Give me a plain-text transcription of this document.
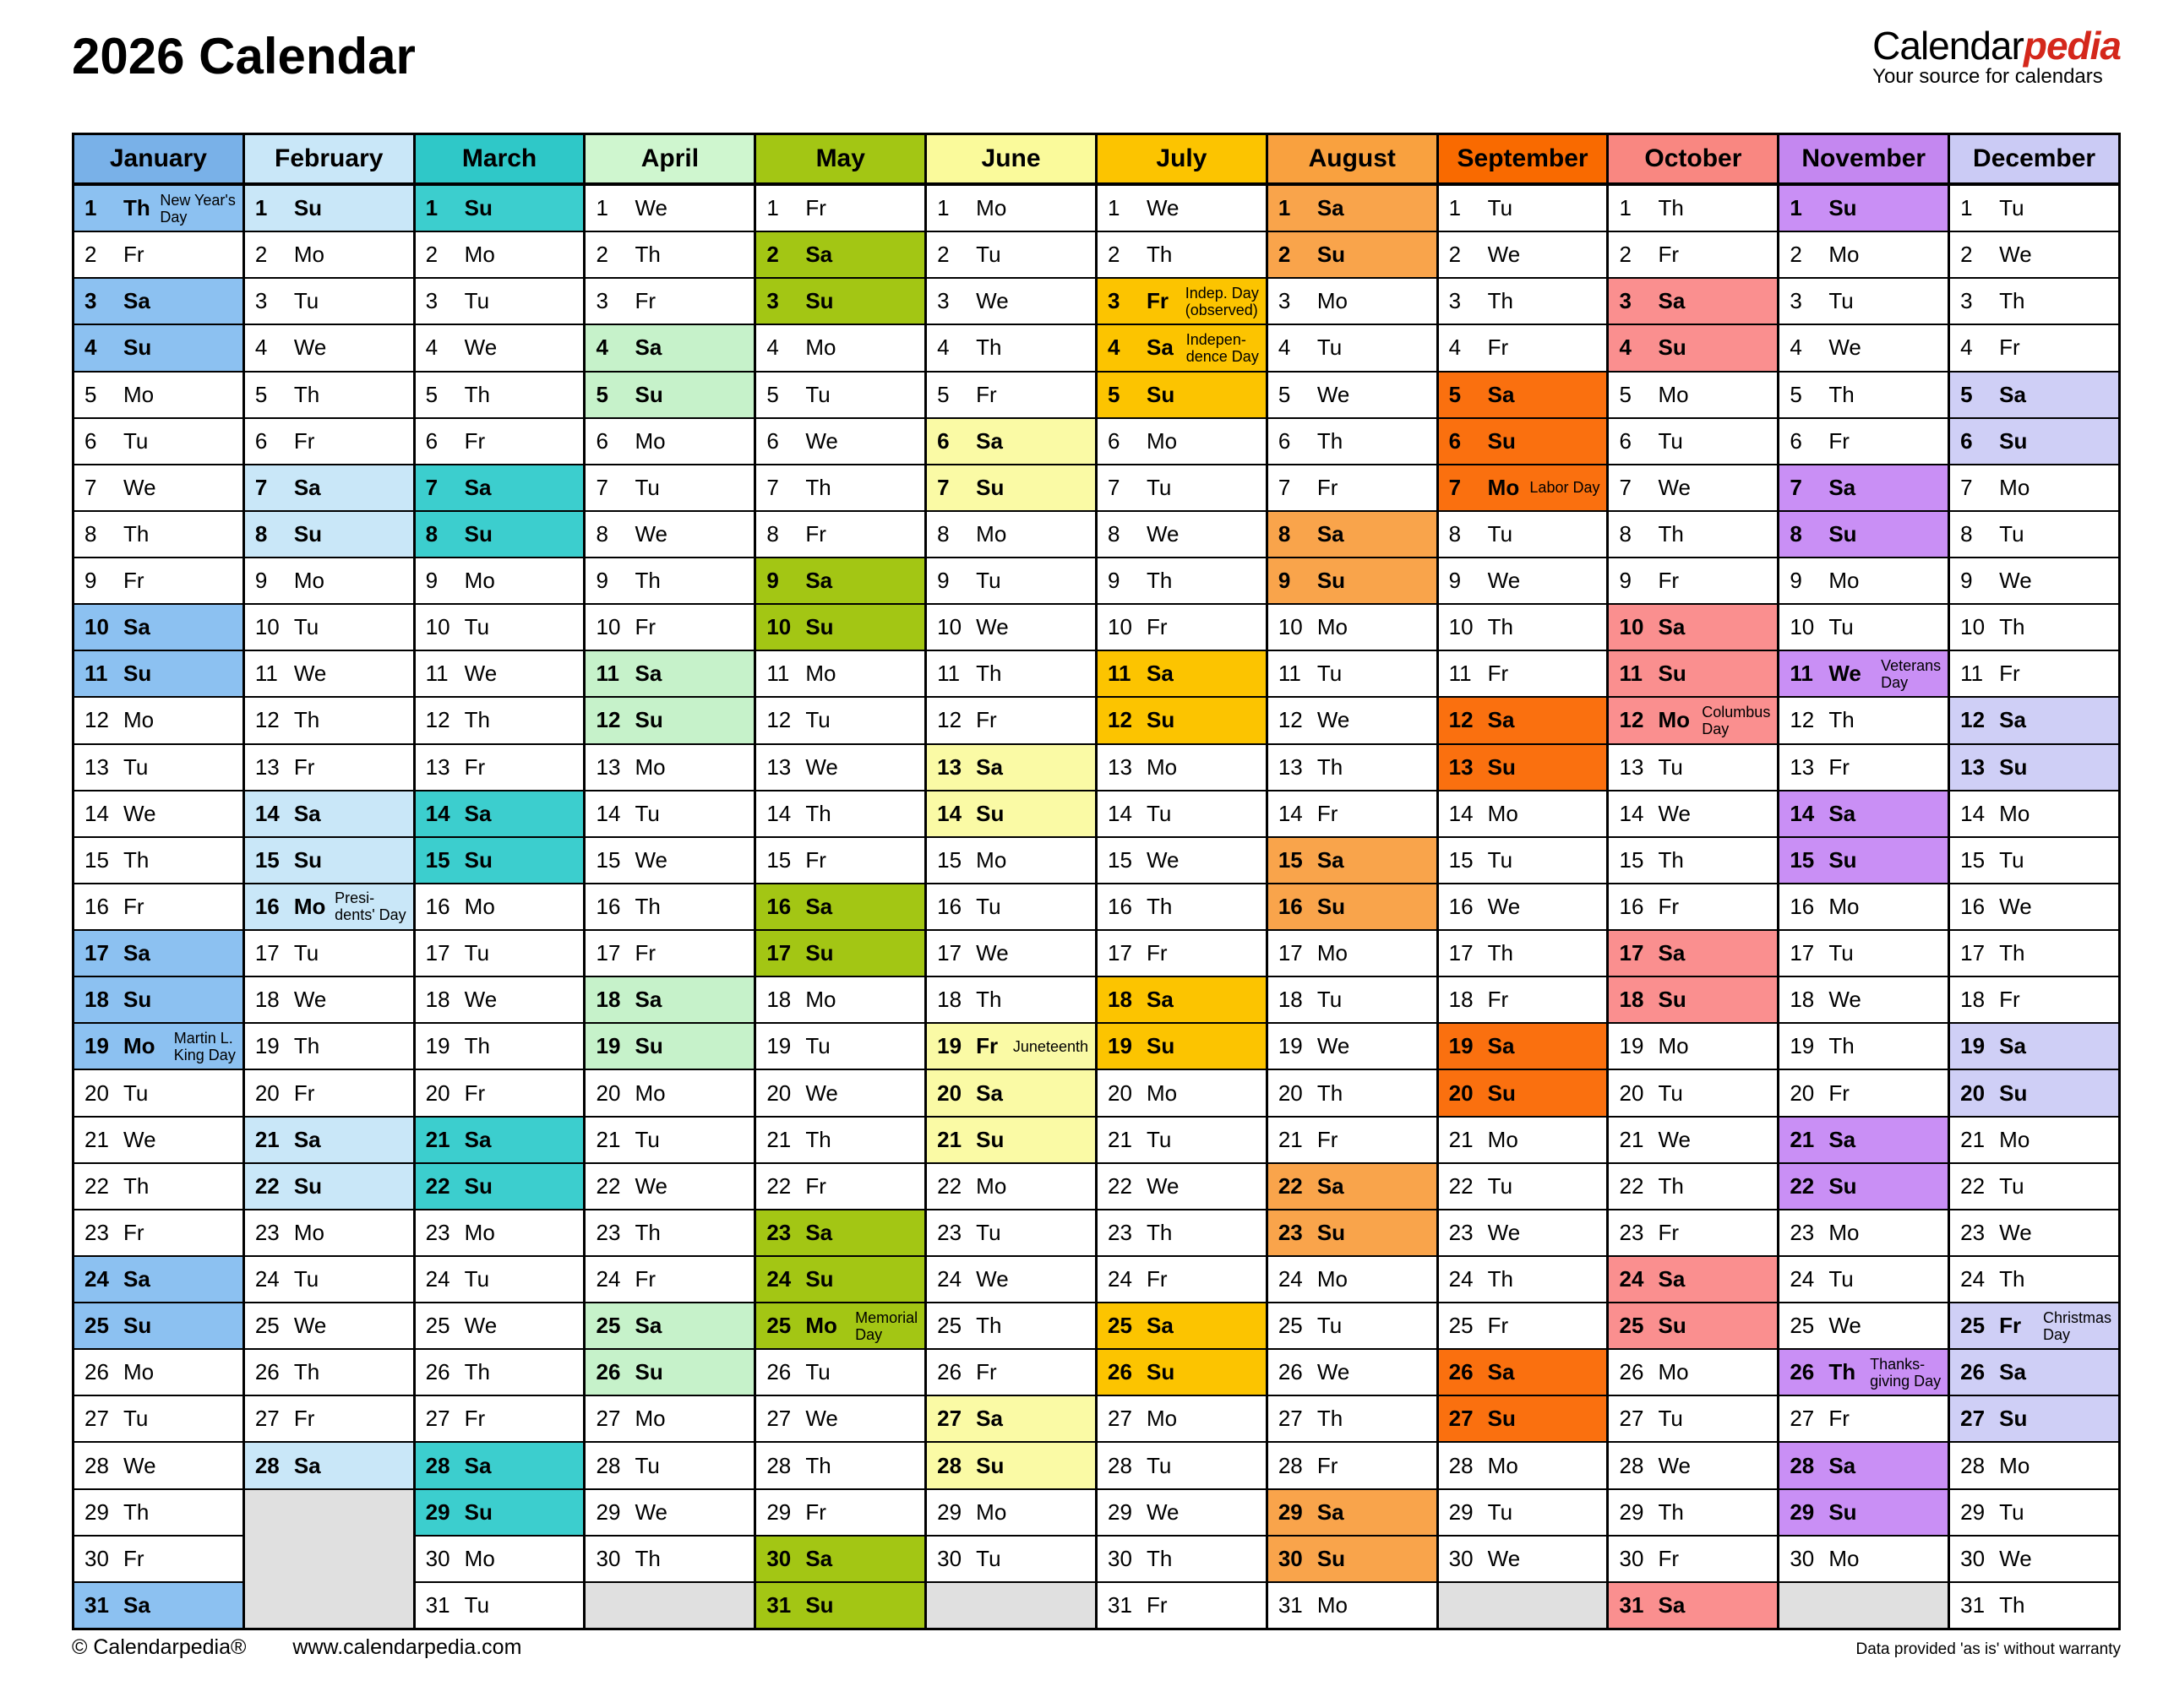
2026 Calendar	Calendarpedia
Your source for calendars
January
1	Th New Year's
Day
2	Fr
3	Sa
4	Su
5	Mo
6	Tu
7	We
8	Th
9	Fr
10 Sa
11 Su
12 Mo
13 Tu
14 We
15 Th
16 Fr
17 Sa
18 Su
19 Mo	Martin L.
King Day
20 Tu
21 We
22 Th
23 Fr
24 Sa
25 Su
26 Mo
27 Tu
28 We
29 Th
30 Fr
31 Sa
February
1	Su
2	Mo
3	Tu
4	We
5	Th
6	Fr
7	Sa
8	Su
9	Mo
10 Tu
11 We
12 Th
13 Fr
14 Sa
15 Su
16 Mo Presi-
dents' Day
17 Tu
18 We
19 Th
20 Fr
21 Sa
22 Su
23 Mo
24 Tu
25 We
26 Th
27 Fr
28 Sa
March
1	Su
2	Mo
3	Tu
4	We
5	Th
6	Fr
7	Sa
8	Su
9	Mo
10 Tu
11 We
12 Th
13 Fr
14 Sa
15 Su
16 Mo
17 Tu
18 We
19 Th
20 Fr
21 Sa
22 Su
23 Mo
24 Tu
25 We
26 Th
27 Fr
28 Sa
29 Su
30 Mo
31 Tu
April
1	We
2	Th
3	Fr
4	Sa
5	Su
6	Mo
7	Tu
8	We
9	Th
10 Fr
11 Sa
12 Su
13 Mo
14 Tu
15 We
16 Th
17 Fr
18 Sa
19 Su
20 Mo
21 Tu
22 We
23 Th
24 Fr
25 Sa
26 Su
27 Mo
28 Tu
29 We
30 Th
May
1	Fr
2	Sa
3	Su
4	Mo
5	Tu
6	We
7	Th
8	Fr
9	Sa
10 Su
11 Mo
12 Tu
13 We
14 Th
15 Fr
16 Sa
17 Su
18 Mo
19 Tu
20 We
21 Th
22 Fr
23 Sa
24 Su
25 Mo	Memorial
Day
26 Tu
27 We
28 Th
29 Fr
30 Sa
31 Su
June
1	Mo
2	Tu
3	We
4	Th
5	Fr
6	Sa
7	Su
8	Mo
9	Tu
10 We
11 Th
12 Fr
13 Sa
14 Su
15 Mo
16 Tu
17 We
18 Th
19 Fr Juneteenth
20 Sa
21 Su
22 Mo
23 Tu
24 We
25 Th
26 Fr
27 Sa
28 Su
29 Mo
30 Tu
July
1	We
2	Th
3	Fr	Indep. Day
(observed)
4	Sa Indepen-
dence Day
5	Su
6	Mo
7	Tu
8	We
9	Th
10 Fr
11 Sa
12 Su
13 Mo
14 Tu
15 We
16 Th
17 Fr
18 Sa
19 Su
20 Mo
21 Tu
22 We
23 Th
24 Fr
25 Sa
26 Su
27 Mo
28 Tu
29 We
30 Th
31 Fr
August
1	Sa
2	Su
3	Mo
4	Tu
5	We
6	Th
7	Fr
8	Sa
9	Su
10 Mo
11 Tu
12 We
13 Th
14 Fr
15 Sa
16 Su
17 Mo
18 Tu
19 We
20 Th
21 Fr
22 Sa
23 Su
24 Mo
25 Tu
26 We
27 Th
28 Fr
29 Sa
30 Su
31 Mo
September
1	Tu
2	We
3	Th
4	Fr
5	Sa
6	Su
7	Mo Labor Day
8	Tu
9	We
10 Th
11 Fr
12 Sa
13 Su
14 Mo
15 Tu
16 We
17 Th
18 Fr
19 Sa
20 Su
21 Mo
22 Tu
23 We
24 Th
25 Fr
26 Sa
27 Su
28 Mo
29 Tu
30 We
October
1	Th
2	Fr
3	Sa
4	Su
5	Mo
6	Tu
7	We
8	Th
9	Fr
10 Sa
11 Su
12 Mo Columbus
Day
13 Tu
14 We
15 Th
16 Fr
17 Sa
18 Su
19 Mo
20 Tu
21 We
22 Th
23 Fr
24 Sa
25 Su
26 Mo
27 Tu
28 We
29 Th
30 Fr
31 Sa
November
1	Su
2	Mo
3	Tu
4	We
5	Th
6	Fr
7	Sa
8	Su
9	Mo
10 Tu
11 We	Veterans
Day
12 Th
13 Fr
14 Sa
15 Su
16 Mo
17 Tu
18 We
19 Th
20 Fr
21 Sa
22 Su
23 Mo
24 Tu
25 We
26 Th Thanks-
giving Day
27 Fr
28 Sa
29 Su
30 Mo
December
1	Tu
2	We
3	Th
4	Fr
5	Sa
6	Su
7	Mo
8	Tu
9	We
10 Th
11 Fr
12 Sa
13 Su
14 Mo
15 Tu
16 We
17 Th
18 Fr
19 Sa
20 Su
21 Mo
22 Tu
23 We
24 Th
25 Fr	Christmas
Day
26 Sa
27 Su
28 Mo
29 Tu
30 We
31 Th
© Calendarpedia® www.calendarpedia.com	Data provided 'as is' without warranty
